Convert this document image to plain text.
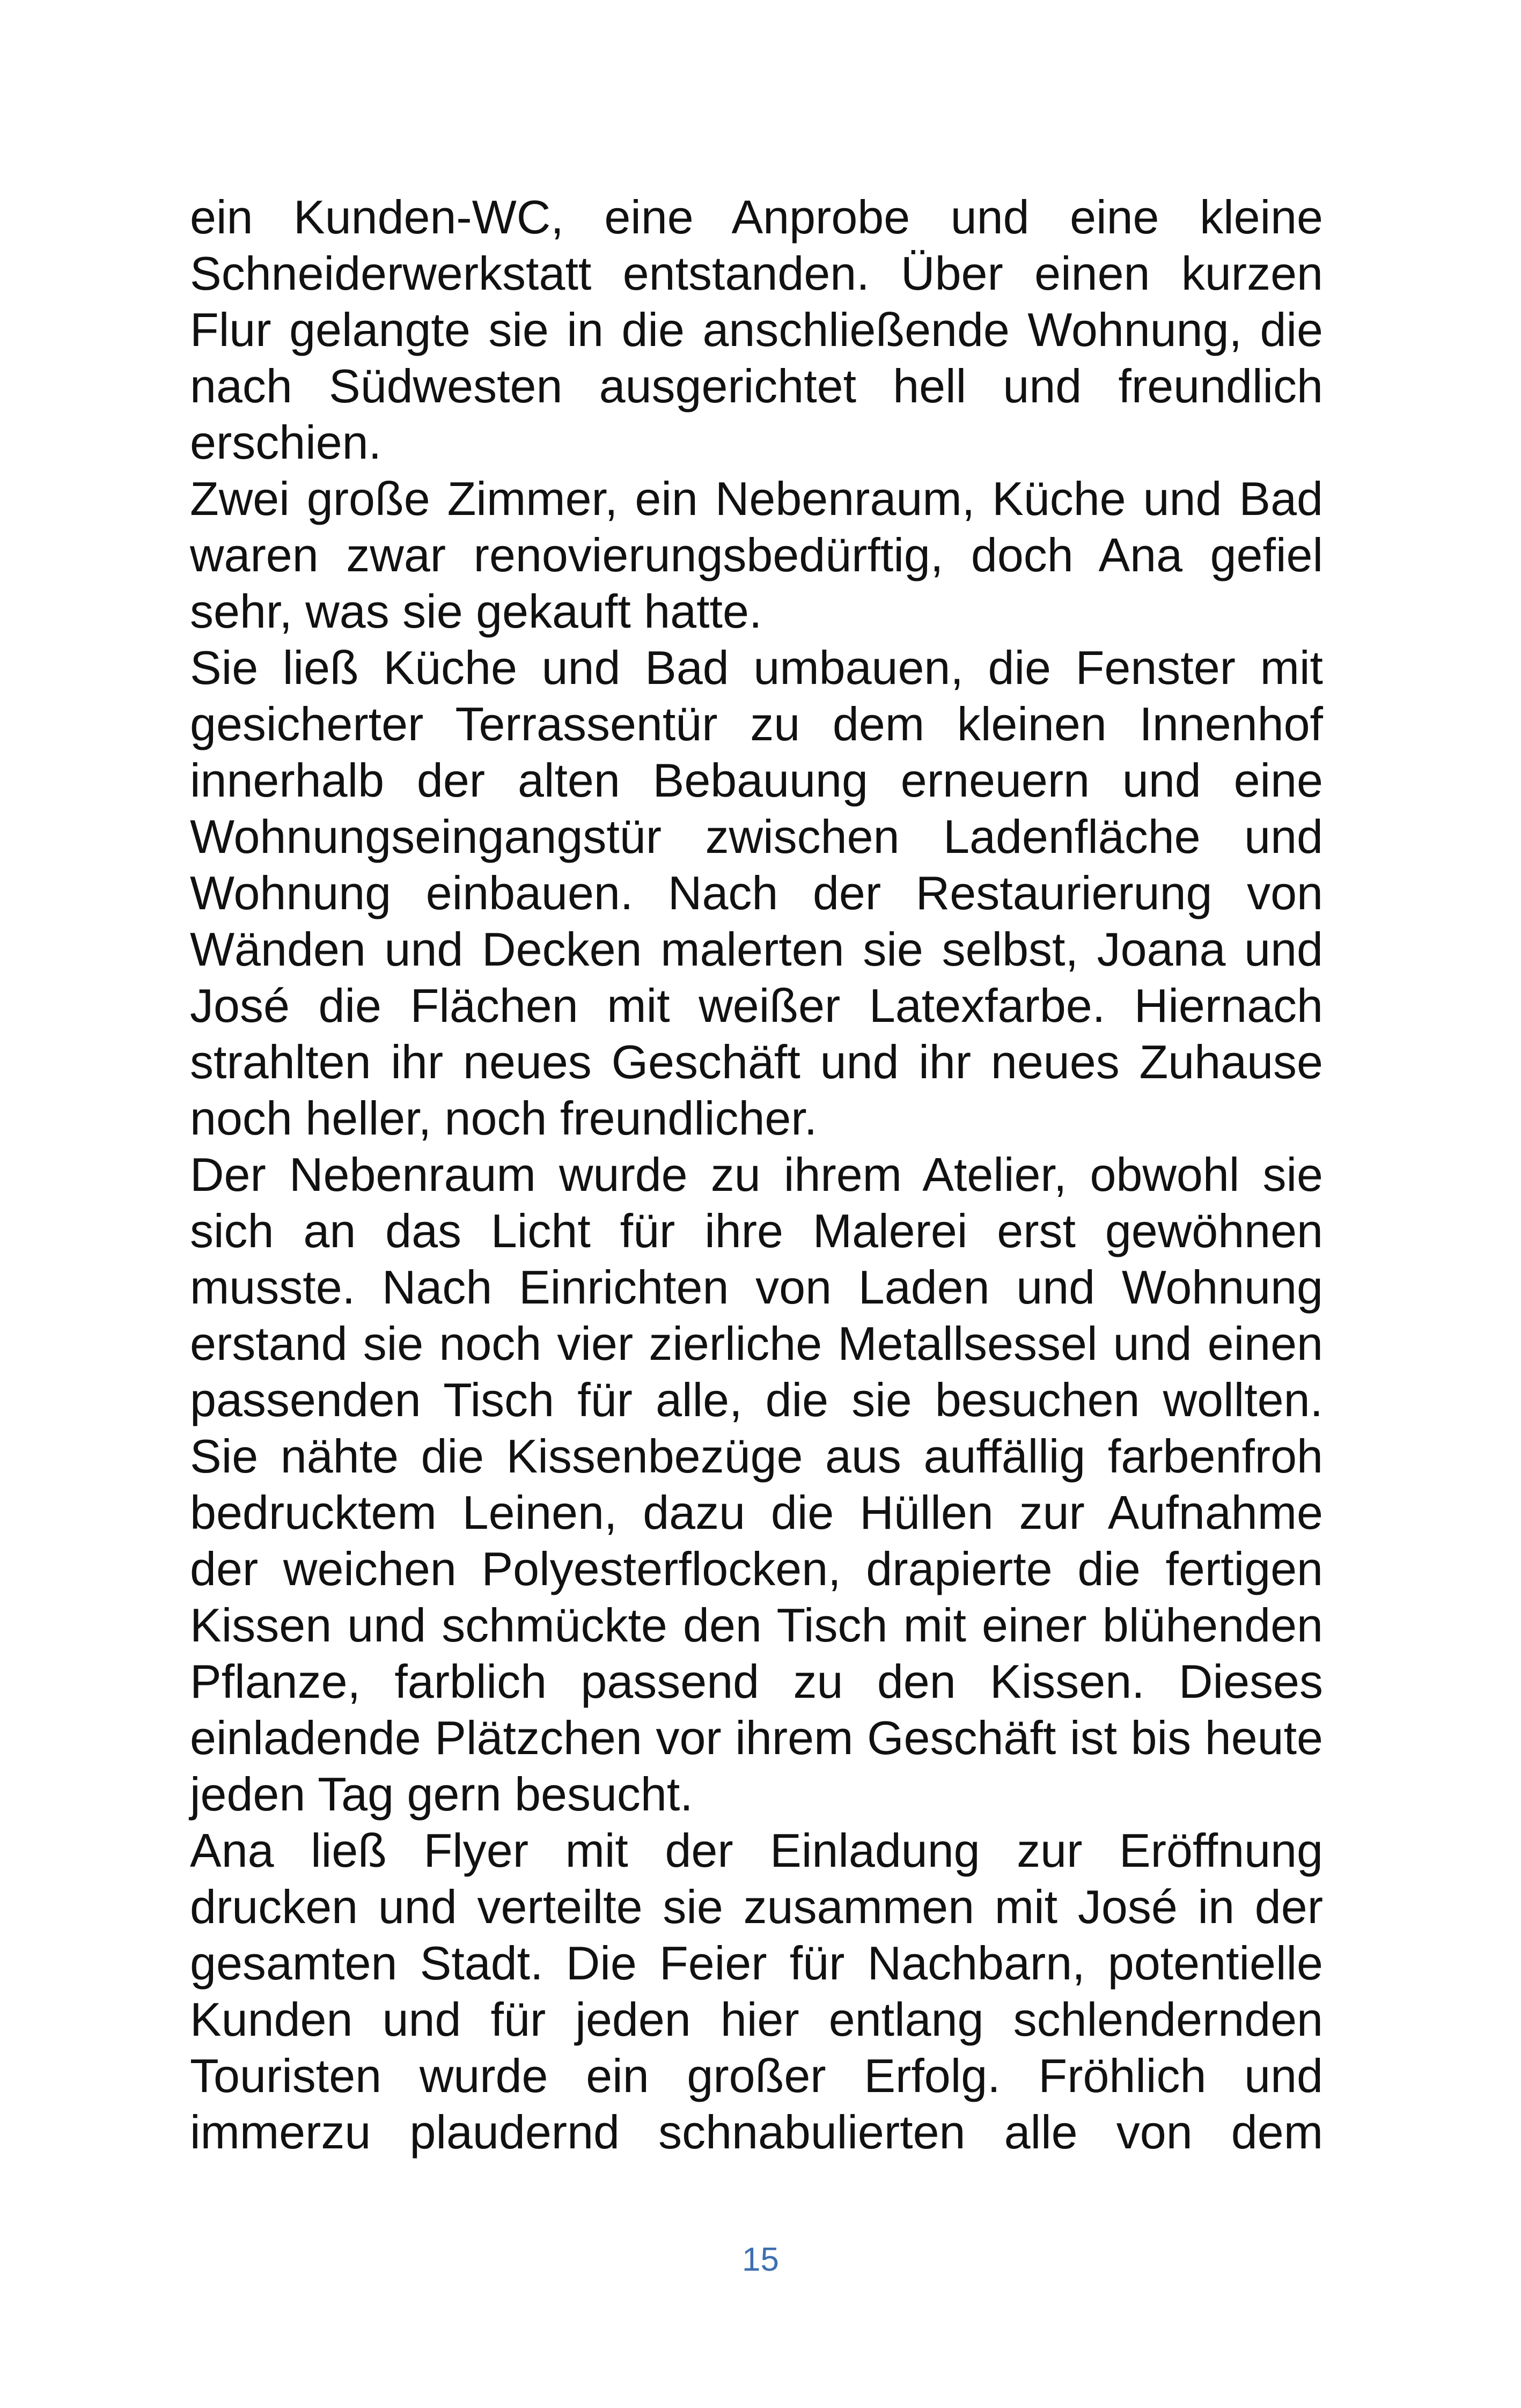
ein Kunden-WC, eine Anprobe und eine kleine Schneiderwerkstatt entstanden. Über einen kurzen Flur gelangte sie in die anschließende Wohnung, die nach Südwesten ausgerichtet hell und freundlich erschien.

Zwei große Zimmer, ein Nebenraum, Küche und Bad waren zwar renovierungsbedürftig, doch Ana gefiel sehr, was sie gekauft hatte.

Sie ließ Küche und Bad umbauen, die Fenster mit gesicherter Terrassentür zu dem kleinen Innenhof innerhalb der alten Bebauung erneuern und eine Wohnungseingangstür zwischen Ladenfläche und Wohnung einbauen. Nach der Restaurierung von Wänden und Decken malerten sie selbst, Joana und José die Flächen mit weißer Latexfarbe. Hiernach strahlten ihr neues Geschäft und ihr neues Zuhause noch heller, noch freundlicher.

Der Nebenraum wurde zu ihrem Atelier, obwohl sie sich an das Licht für ihre Malerei erst gewöhnen musste. Nach Einrichten von Laden und Wohnung erstand sie noch vier zierliche Metallsessel und einen passenden Tisch für alle, die sie besuchen wollten. Sie nähte die Kissenbezüge aus auffällig farbenfroh bedrucktem Leinen, dazu die Hüllen zur Aufnahme der weichen Polyesterflocken, drapierte die fertigen Kissen und schmückte den Tisch mit einer blühenden Pflanze, farblich passend zu den Kissen. Dieses einladende Plätzchen vor ihrem Geschäft ist bis heute jeden Tag gern besucht.

Ana ließ Flyer mit der Einladung zur Eröffnung drucken und verteilte sie zusammen mit José in der gesamten Stadt. Die Feier für Nachbarn, potentielle Kunden und für jeden hier entlang schlendernden Touristen wurde ein großer Erfolg. Fröhlich und immerzu plaudernd schnabulierten alle von dem

15
